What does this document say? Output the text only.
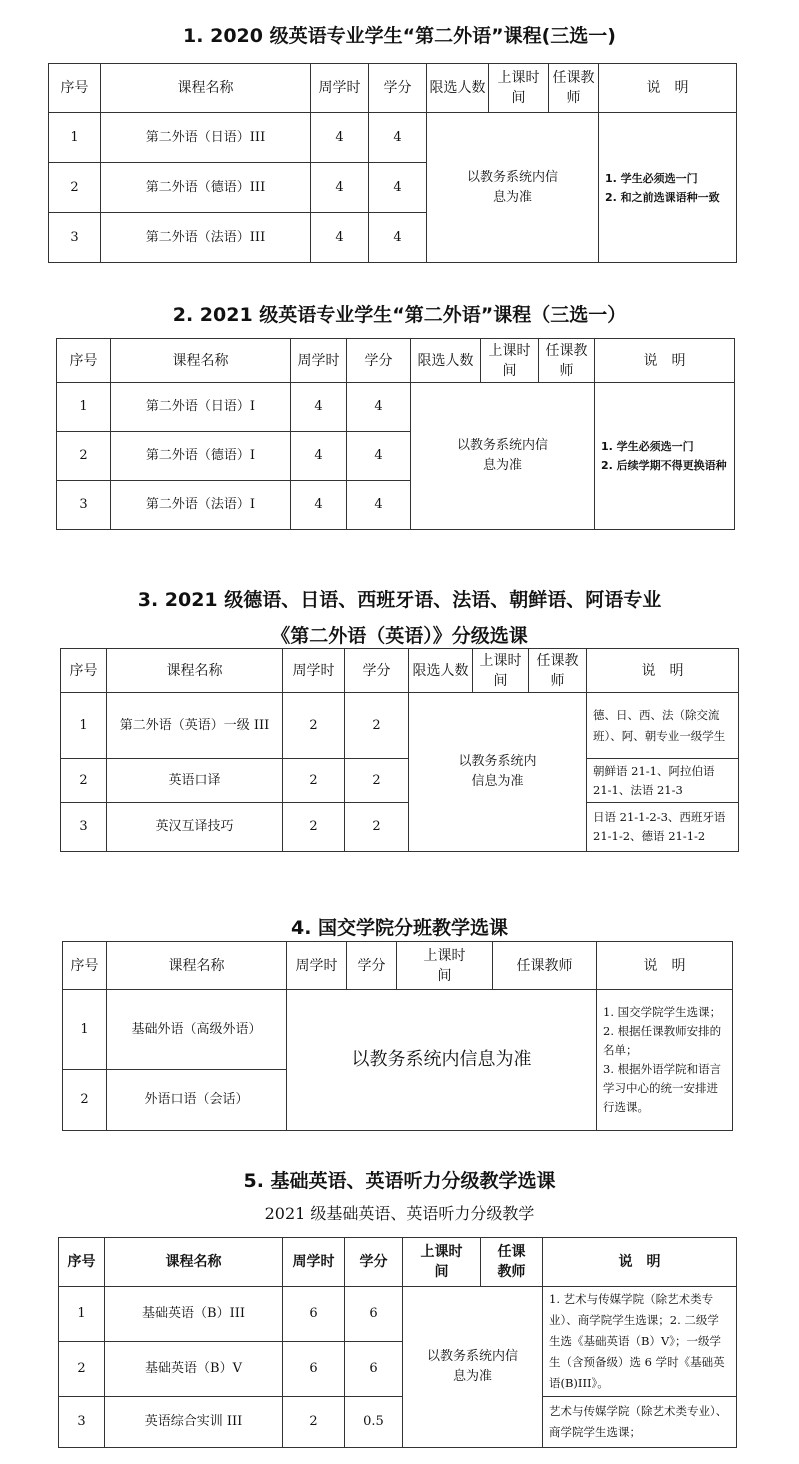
1. 2020 级英语专业学生“第二外语”课程(三选一)
序号	课程名称	周学时	学分	限选人数	上课时间	任课教师	说　明
1	第二外语（日语）III	4	4	以教务系统内信息为准			1. 学生必须选一门
2. 和之前选课语种一致

2	第二外语（德语）III	4	4				
3	第二外语（法语）III	4	4				
2. 2021 级英语专业学生“第二外语”课程（三选一）
序号	课程名称	周学时	学分	限选人数	上课时间	任课教师	说　明
1	第二外语（日语）I	4	4	以教务系统内信息为准			1. 学生必须选一门
2. 后续学期不得更换语种

2	第二外语（德语）I	4	4				
3	第二外语（法语）I	4	4				
3. 2021 级德语、日语、西班牙语、法语、朝鲜语、阿语专业
《第二外语（英语）》分级选课
序号	课程名称	周学时	学分	限选人数	上课时间	任课教师	说　明
1	第二外语（英语）一级 III	2	2	以教务系统内信息为准			德、日、西、法（除交流班）、阿、朝专业一级学生
2	英语口译	2	2				朝鲜语 21-1、阿拉伯语 21-1、法语 21-3
3	英汉互译技巧	2	2				日语 21-1-2-3、西班牙语 21-1-2、德语 21-1-2
4. 国交学院分班教学选课
序号	课程名称	周学时	学分	上课时间	任课教师	说　明
1	基础外语（高级外语）	以教务系统内信息为准				1. 国交学院学生选课；
2. 根据任课教师安排的名单；
3. 根据外语学院和语言学习中心的统一安排进行选课。

2	外语口语（会话）					
5. 基础英语、英语听力分级教学选课
2021 级基础英语、英语听力分级教学
序号	课程名称	周学时	学分	上课时间	任课教师	说　明
1	基础英语（B）III	6	6	以教务系统内信息为准		1. 艺术与传媒学院（除艺术类专业）、商学院学生选课；2. 二级学生选《基础英语（B）V》；一级学生（含预备级）选 6 学时《基础英语(B)III》。
2	基础英语（B）V	6	6			
3	英语综合实训 III	2	0.5			艺术与传媒学院（除艺术类专业）、商学院学生选课；
